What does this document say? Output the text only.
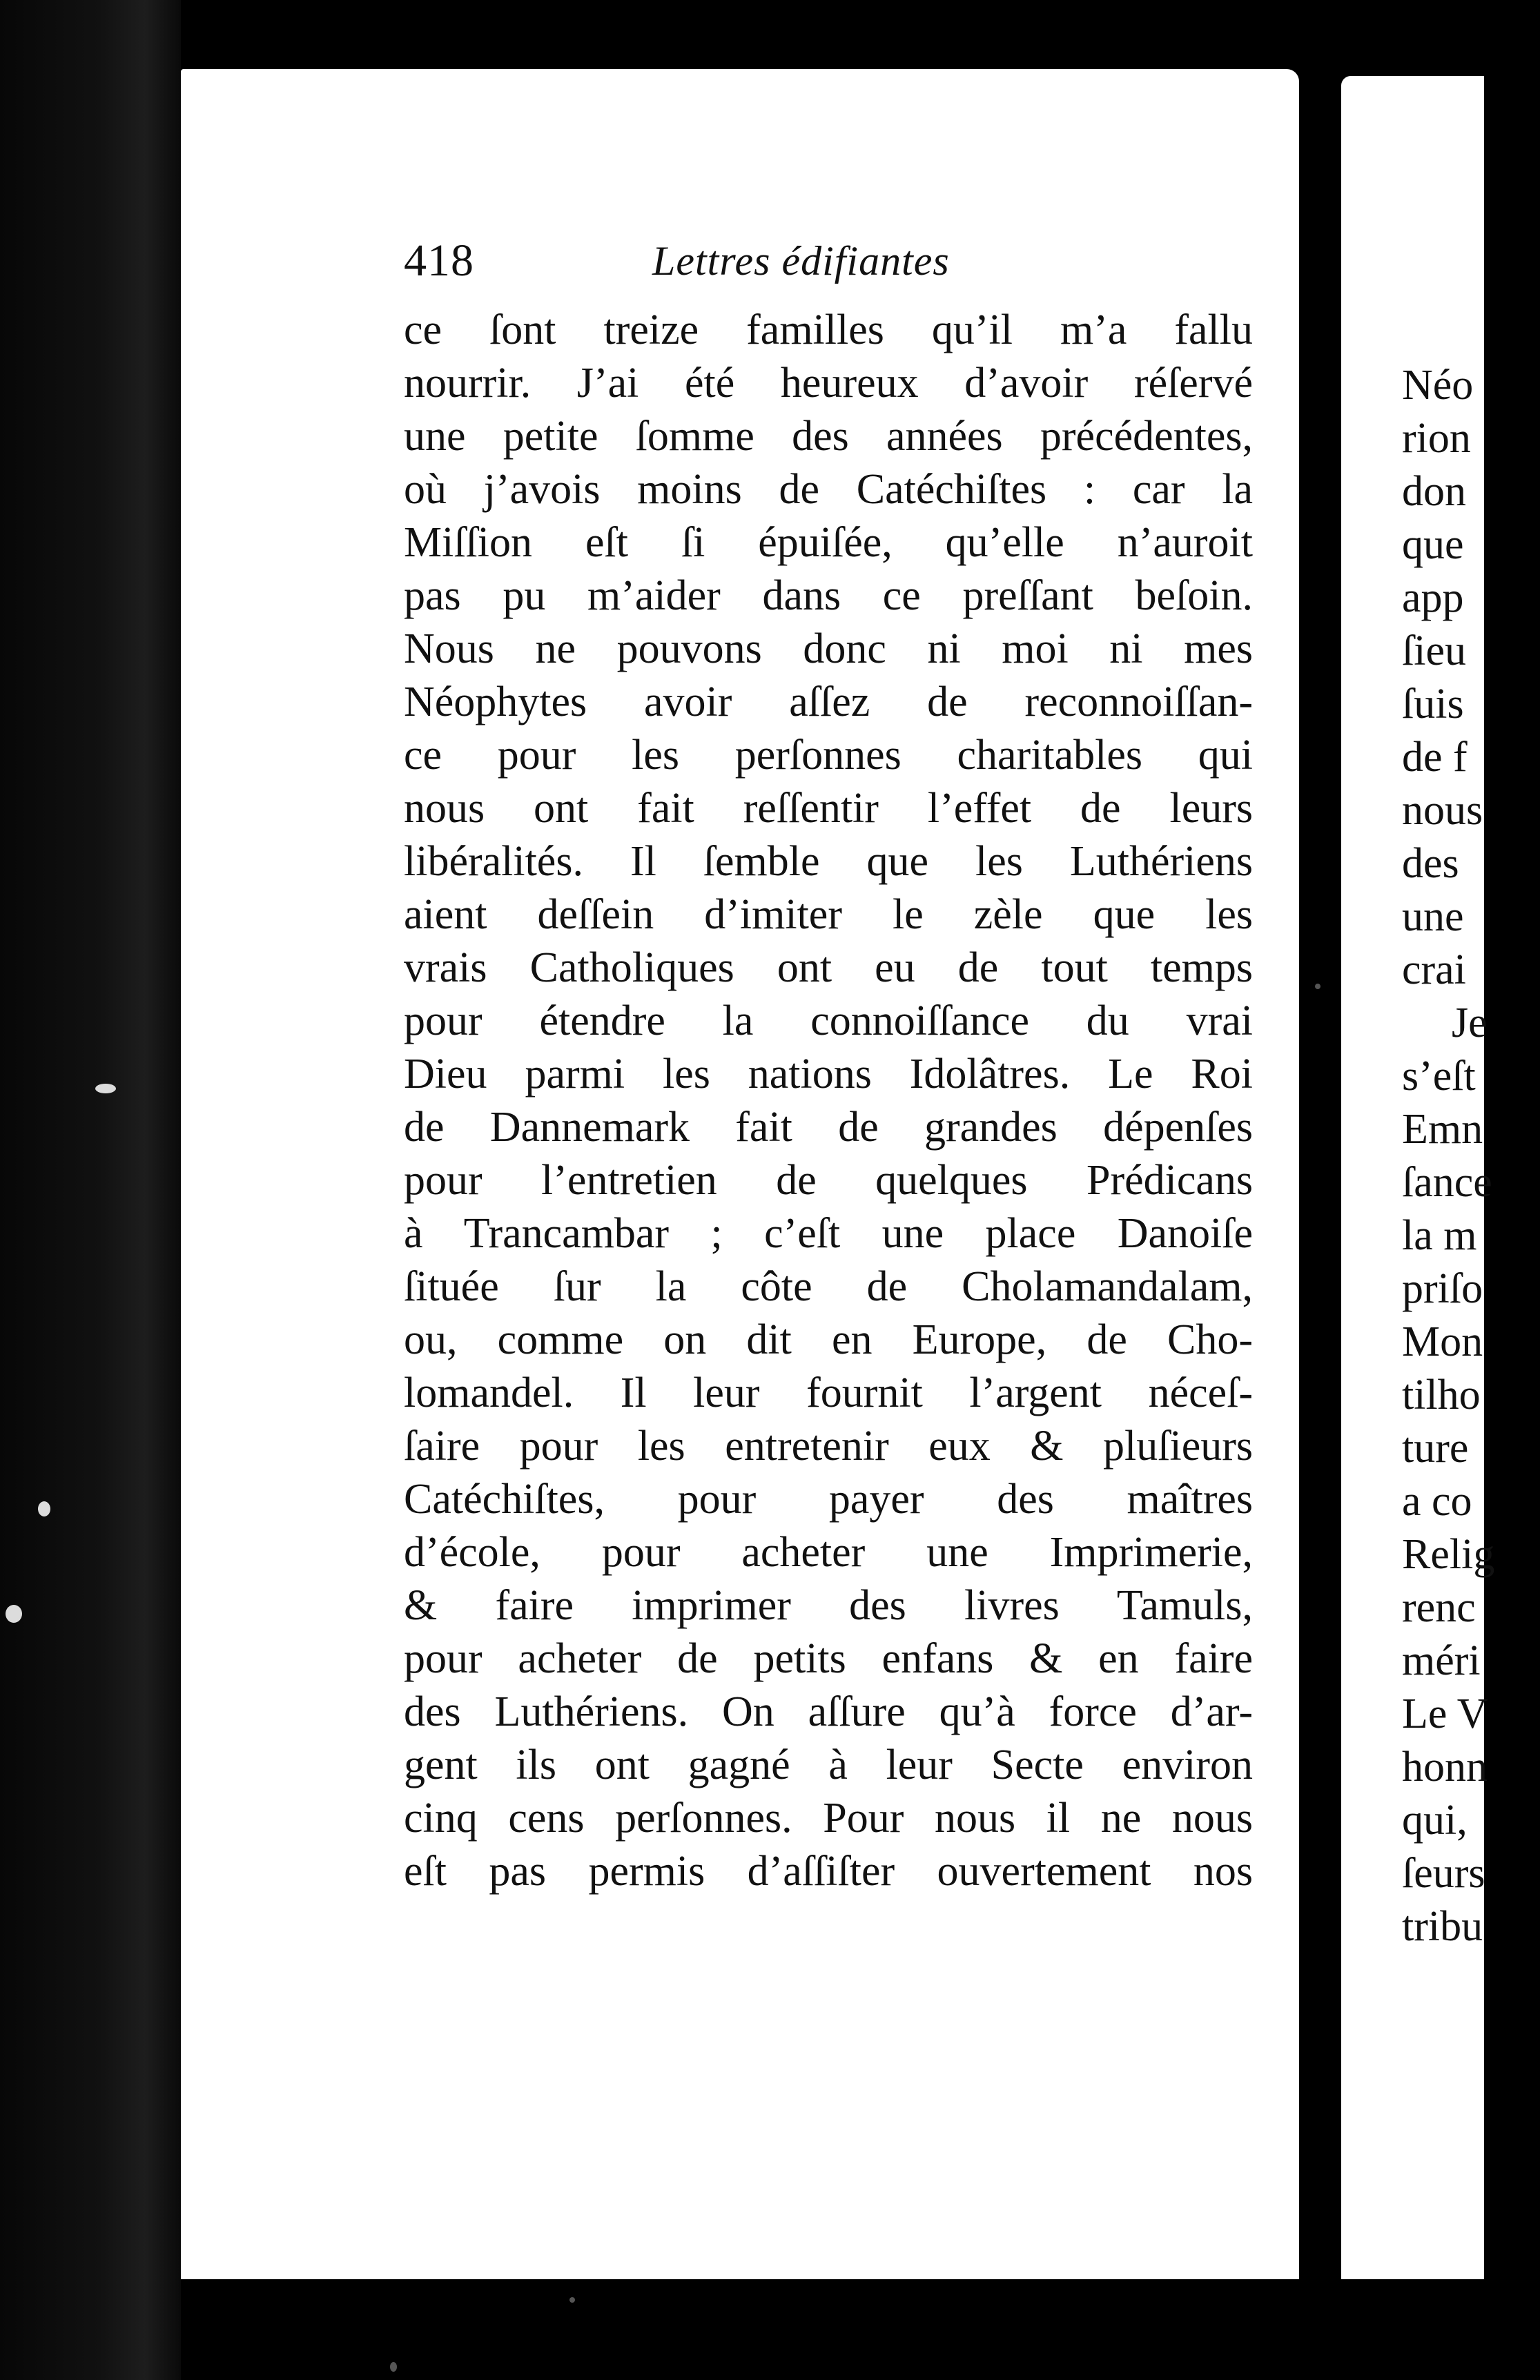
418	Lettres édifiantes
ce ſont treize familles qu’il m’a fallu
nourrir. J’ai été heureux d’avoir réſervé
une petite ſomme des années précédentes,
où j’avois moins de Catéchiſtes : car la
Miſſion eſt ſi épuiſée, qu’elle n’auroit
pas pu m’aider dans ce preſſant beſoin.
Nous ne pouvons donc ni moi ni mes
Néophytes avoir aſſez de reconnoiſſan-
ce pour les perſonnes charitables qui
nous ont fait reſſentir l’effet de leurs
libéralités. Il ſemble que les Luthériens
aient deſſein d’imiter le zèle que les
vrais Catholiques ont eu de tout temps
pour étendre la connoiſſance du vrai
Dieu parmi les nations Idolâtres. Le Roi
de Dannemark fait de grandes dépenſes
pour l’entretien de quelques Prédicans
à Trancambar ; c’eſt une place Danoiſe
ſituée ſur la côte de Cholamandalam,
ou, comme on dit en Europe, de Cho-
lomandel. Il leur fournit l’argent néceſ-
ſaire pour les entretenir eux & pluſieurs
Catéchiſtes, pour payer des maîtres
d’école, pour acheter une Imprimerie,
& faire imprimer des livres Tamuls,
pour acheter de petits enfans & en faire
des Luthériens. On aſſure qu’à force d’ar-
gent ils ont gagné à leur Secte environ
cinq cens perſonnes. Pour nous il ne nous
eſt pas permis d’aſſiſter ouvertement nos
Néo
rion
don
que
app
ſieu
ſuis
de f
nous
des
une
crai
Je
s’eſt
Emn
ſance
la m
priſo
Mon
tilho
ture
a co
Relig
renc
méri
Le V
honn
qui,
ſeurs
tribu
